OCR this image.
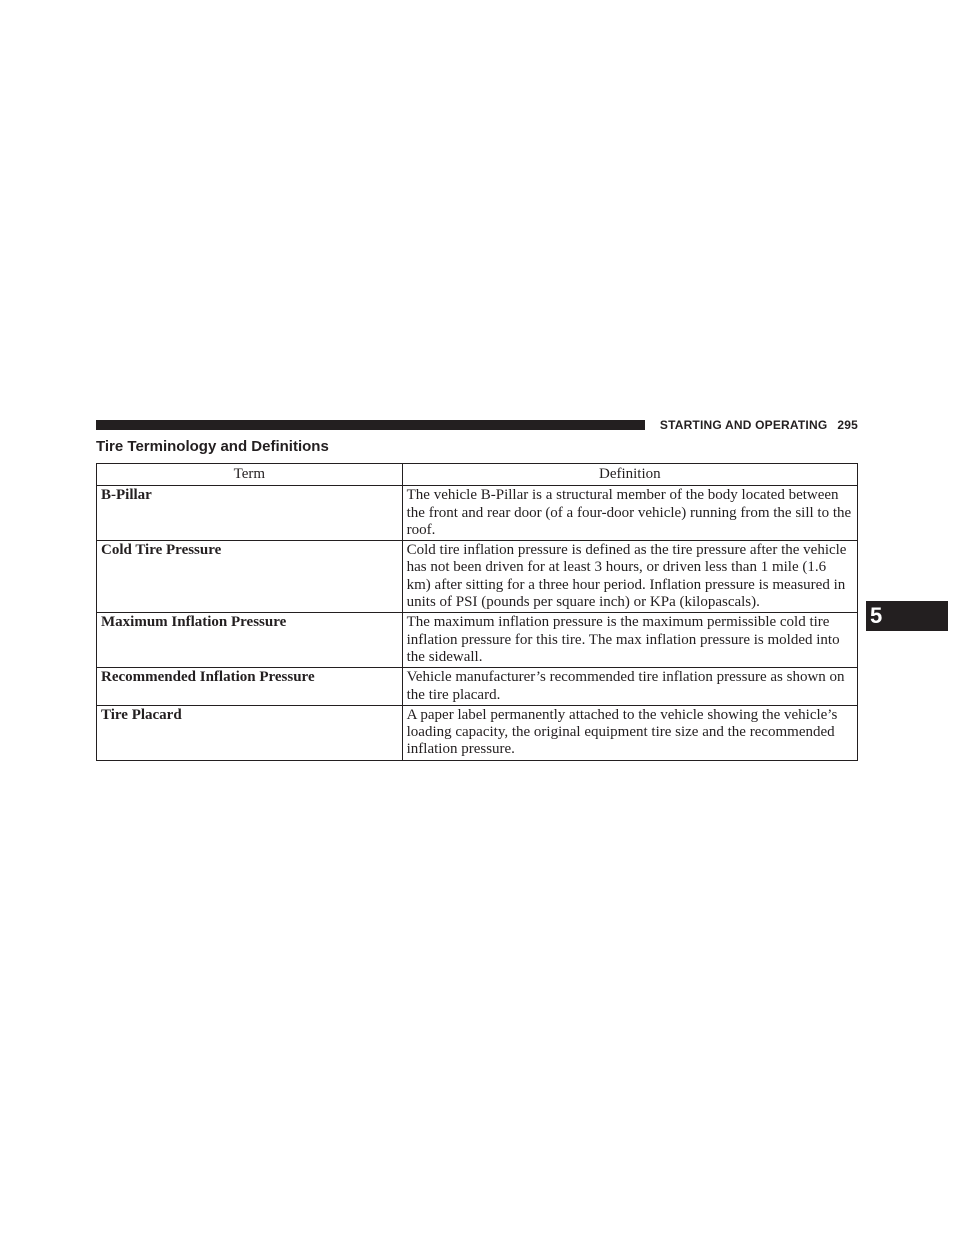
STARTING AND OPERATING 295
Tire Terminology and Definitions
Term	Definition
B-Pillar	The vehicle B-Pillar is a structural member of the body located between the front and rear door (of a four-door vehicle) running from the sill to the roof.
Cold Tire Pressure	Cold tire inflation pressure is defined as the tire pressure after the vehicle has not been driven for at least 3 hours, or driven less than 1 mile (1.6 km) after sitting for a three hour period. Inflation pressure is measured in units of PSI (pounds per square inch) or KPa (kilopascals).
Maximum Inflation Pressure	The maximum inflation pressure is the maximum permissible cold tire inflation pressure for this tire. The max inflation pressure is molded into the sidewall.
Recommended Inflation Pressure	Vehicle manufacturer’s recommended tire inflation pressure as shown on the tire placard.
Tire Placard	A paper label permanently attached to the vehicle showing the vehicle’s loading capacity, the original equipment tire size and the recommended inflation pressure.
5
